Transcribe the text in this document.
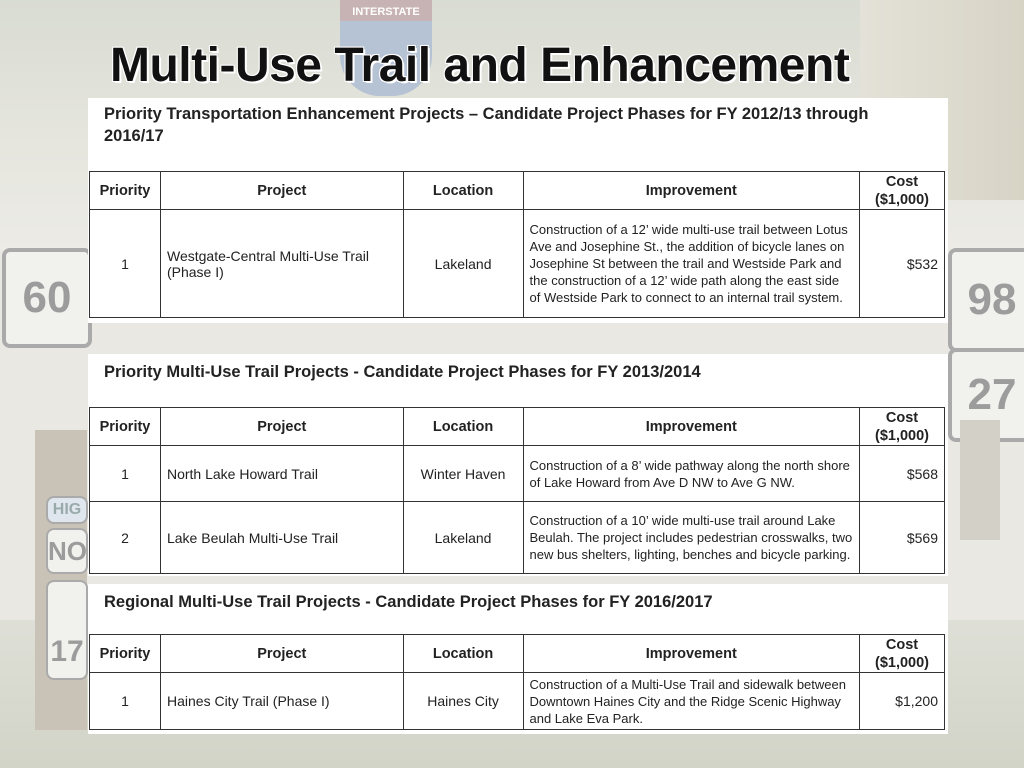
INTERSTATE
60	98
27
HIG
NO
17
Multi-Use Trail and Enhancement

Priority Transportation Enhancement Projects – Candidate Project Phases for FY 2012/13 through 2016/17

Priority	Project	Location	Improvement	Cost
($1,000)
1	Westgate-Central Multi-Use Trail (Phase I)	Lakeland	Construction of a 12’ wide multi-use trail between Lotus Ave and Josephine St., the addition of bicycle lanes on Josephine St between the trail and Westside Park and the construction of a 12’ wide path along the east side of Westside Park to connect to an internal trail system.	$532

Priority Multi-Use Trail Projects - Candidate Project Phases for FY 2013/2014

Priority	Project	Location	Improvement	Cost
($1,000)
1	North Lake Howard Trail	Winter Haven	Construction of a 8’ wide pathway along the north shore of Lake Howard from Ave D NW to Ave G NW.	$568
2	Lake Beulah Multi-Use Trail	Lakeland	Construction of a 10’ wide multi-use trail around Lake Beulah. The project includes pedestrian crosswalks, two new bus shelters, lighting, benches and bicycle parking.	$569

Regional Multi-Use Trail Projects - Candidate Project Phases for FY 2016/2017

Priority	Project	Location	Improvement	Cost
($1,000)
1	Haines City Trail (Phase I)	Haines City	Construction of a Multi-Use Trail and sidewalk between Downtown Haines City and the Ridge Scenic Highway and Lake Eva Park.	$1,200
